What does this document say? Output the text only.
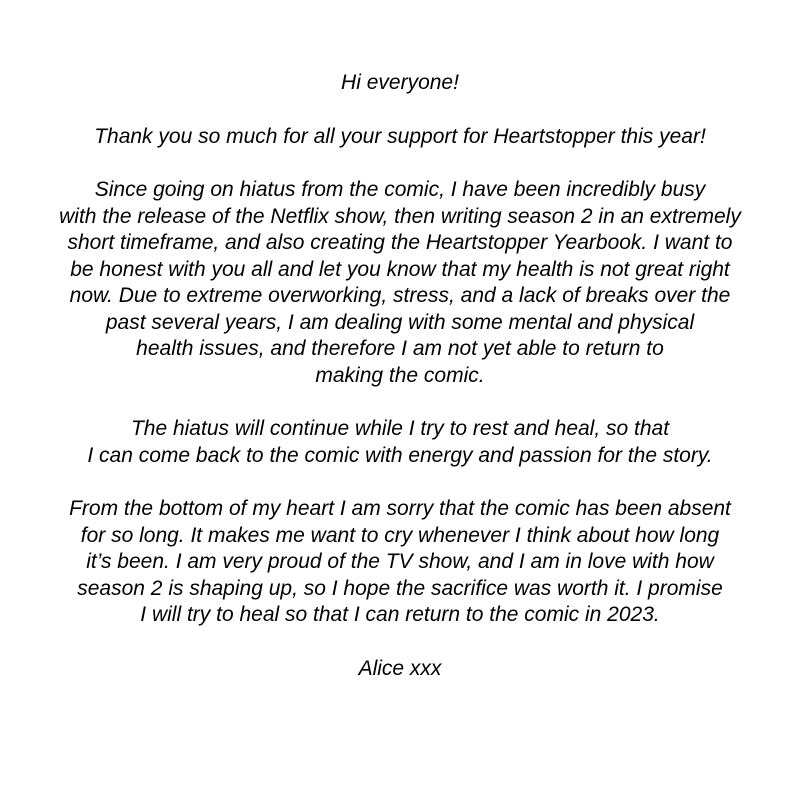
Hi everyone!

Thank you so much for all your support for Heartstopper this year!

Since going on hiatus from the comic, I have been incredibly busy
with the release of the Netflix show, then writing season 2 in an extremely
short timeframe, and also creating the Heartstopper Yearbook. I want to
be honest with you all and let you know that my health is not great right
now. Due to extreme overworking, stress, and a lack of breaks over the
past several years, I am dealing with some mental and physical
health issues, and therefore I am not yet able to return to
making the comic.

The hiatus will continue while I try to rest and heal, so that
I can come back to the comic with energy and passion for the story.

From the bottom of my heart I am sorry that the comic has been absent
for so long. It makes me want to cry whenever I think about how long
it’s been. I am very proud of the TV show, and I am in love with how
season 2 is shaping up, so I hope the sacrifice was worth it. I promise
I will try to heal so that I can return to the comic in 2023.

Alice xxx
